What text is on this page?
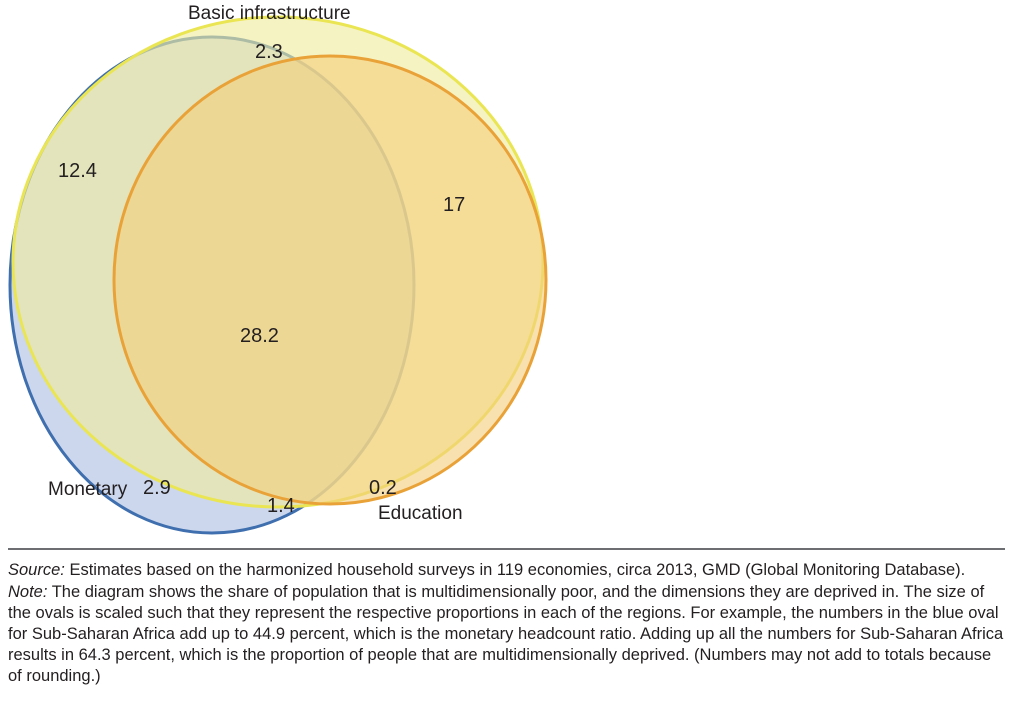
Basic infrastructure
Monetary
Education
2.3
12.4
17
28.2
2.9
1.4
0.2

Source: Estimates based on the harmonized household surveys in 119 economies, circa 2013, GMD (Global Monitoring Database).

Note: The diagram shows the share of population that is multidimensionally poor, and the dimensions they are deprived in. The size of the ovals is scaled such that they represent the respective proportions in each of the regions. For example, the numbers in the blue oval for Sub-Saharan Africa add up to 44.9 percent, which is the monetary headcount ratio. Adding up all the numbers for Sub-Saharan Africa results in 64.3 percent, which is the proportion of people that are multidimensionally deprived. (Numbers may not add to totals because of rounding.)
